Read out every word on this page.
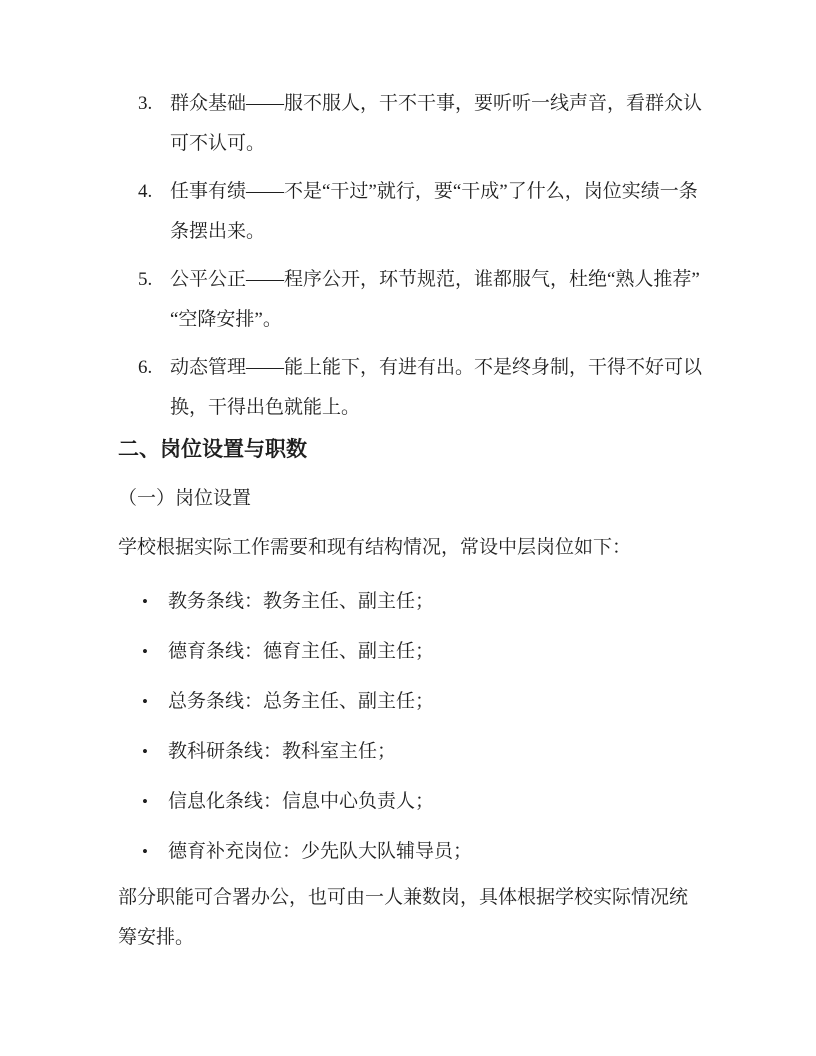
3. 群众基础——服不服人，干不干事，要听听一线声音，看群众认可不认可。
4. 任事有绩——不是“干过”就行，要“干成”了什么，岗位实绩一条条摆出来。
5. 公平公正——程序公开，环节规范，谁都服气，杜绝“熟人推荐”“空降安排”。
6. 动态管理——能上能下，有进有出。不是终身制，干得不好可以换，干得出色就能上。
二、岗位设置与职数
（一）岗位设置

学校根据实际工作需要和现有结构情况，常设中层岗位如下：

•	教务条线：教务主任、副主任；
•	德育条线：德育主任、副主任；
•	总务条线：总务主任、副主任；
•	教科研条线：教科室主任；
•	信息化条线：信息中心负责人；
•	德育补充岗位：少先队大队辅导员；

部分职能可合署办公，也可由一人兼数岗，具体根据学校实际情况统筹安排。
